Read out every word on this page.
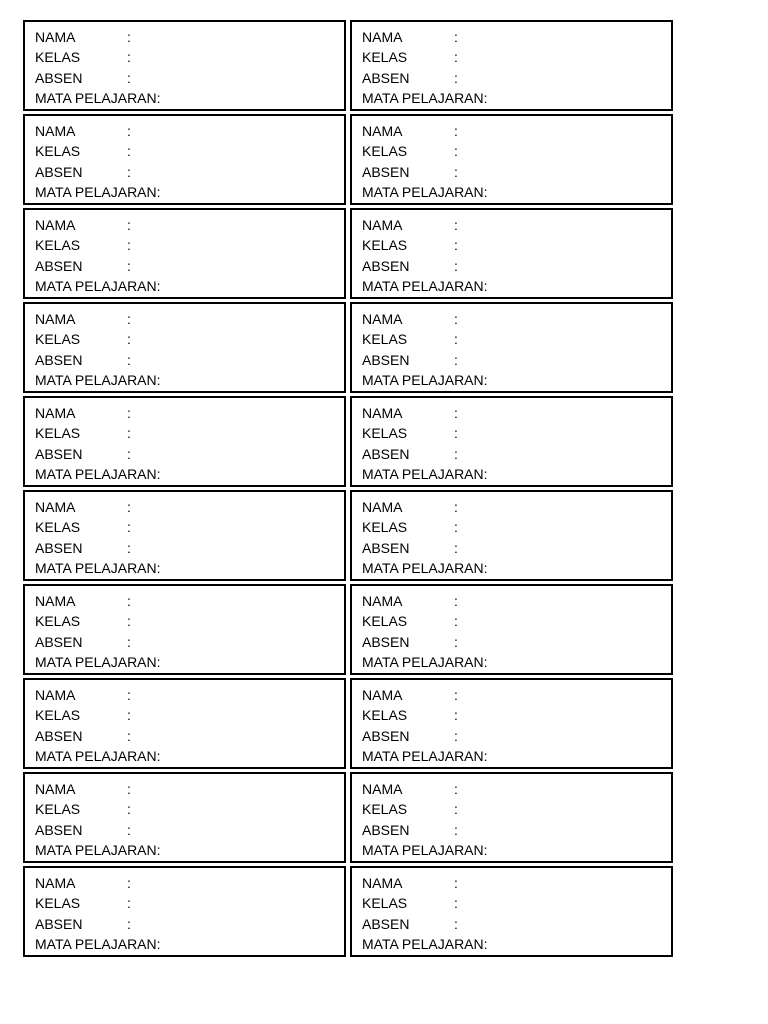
NAMA	:
KELAS	:
ABSEN	:
MATA PELAJARAN :
NAMA	:
KELAS	:
ABSEN	:
MATA PELAJARAN :
NAMA	:
KELAS	:
ABSEN	:
MATA PELAJARAN :
NAMA	:
KELAS	:
ABSEN	:
MATA PELAJARAN :
NAMA	:
KELAS	:
ABSEN	:
MATA PELAJARAN :
NAMA	:
KELAS	:
ABSEN	:
MATA PELAJARAN :
NAMA	:
KELAS	:
ABSEN	:
MATA PELAJARAN :
NAMA	:
KELAS	:
ABSEN	:
MATA PELAJARAN :
NAMA	:
KELAS	:
ABSEN	:
MATA PELAJARAN :
NAMA	:
KELAS	:
ABSEN	:
MATA PELAJARAN :
NAMA	:
KELAS	:
ABSEN	:
MATA PELAJARAN :
NAMA	:
KELAS	:
ABSEN	:
MATA PELAJARAN :
NAMA	:
KELAS	:
ABSEN	:
MATA PELAJARAN :
NAMA	:
KELAS	:
ABSEN	:
MATA PELAJARAN :
NAMA	:
KELAS	:
ABSEN	:
MATA PELAJARAN :
NAMA	:
KELAS	:
ABSEN	:
MATA PELAJARAN :
NAMA	:
KELAS	:
ABSEN	:
MATA PELAJARAN :
NAMA	:
KELAS	:
ABSEN	:
MATA PELAJARAN :
NAMA	:
KELAS	:
ABSEN	:
MATA PELAJARAN :
NAMA	:
KELAS	:
ABSEN	:
MATA PELAJARAN :
